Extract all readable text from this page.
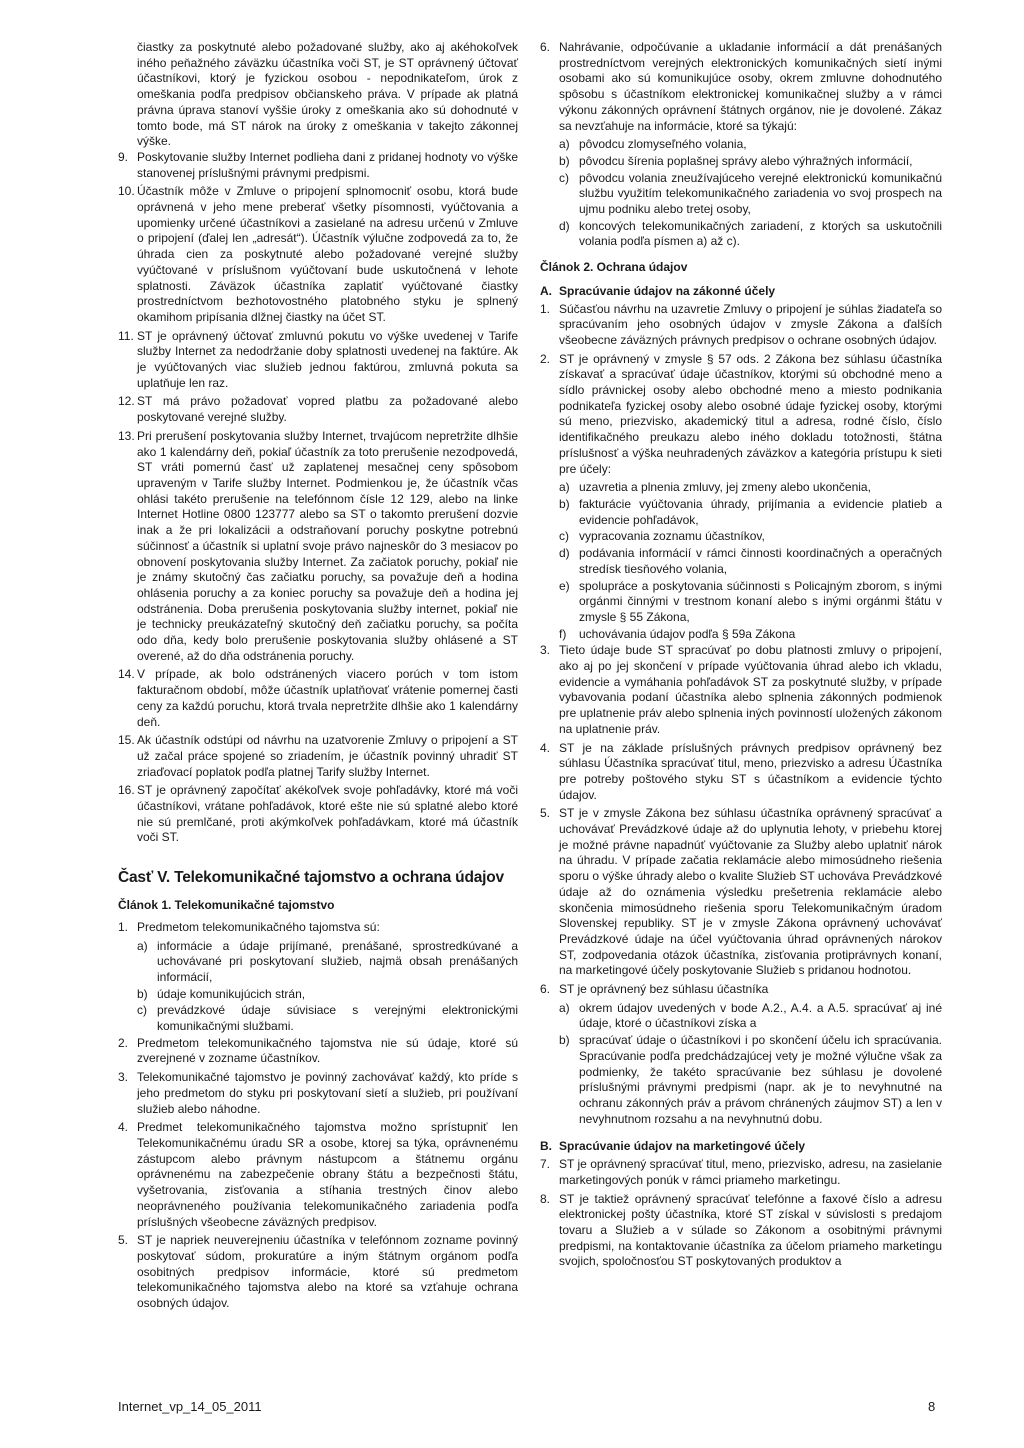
čiastky za poskytnuté alebo požadované služby, ako aj akéhokoľvek iného peňažného záväzku účastníka voči ST, je ST oprávnený účtovať účastníkovi, ktorý je fyzickou osobou - nepodnikateľom, úrok z omeškania podľa predpisov občianskeho práva. V prípade ak platná právna úprava stanoví vyššie úroky z omeškania ako sú dohodnuté v tomto bode, má ST nárok na úroky z omeškania v takejto zákonnej výške.

9. Poskytovanie služby Internet podlieha dani z pridanej hodnoty vo výške stanovenej príslušnými právnymi predpismi.
10. Účastník môže v Zmluve o pripojení splnomocniť osobu, ktorá bude oprávnená v jeho mene preberať všetky písomnosti, vyúčtovania a upomienky určené účastníkovi a zasielané na adresu určenú v Zmluve o pripojení (ďalej len „adresát“). Účastník výlučne zodpovedá za to, že úhrada cien za poskytnuté alebo požadované verejné služby vyúčtované v príslušnom vyúčtovaní bude uskutočnená v lehote splatnosti. Záväzok účastníka zaplatiť vyúčtované čiastky prostredníctvom bezhotovostného platobného styku je splnený okamihom pripísania dlžnej čiastky na účet ST.
11. ST je oprávnený účtovať zmluvnú pokutu vo výške uvedenej v Tarife služby Internet za nedodržanie doby splatnosti uvedenej na faktúre. Ak je vyúčtovaných viac služieb jednou faktúrou, zmluvná pokuta sa uplatňuje len raz.
12. ST má právo požadovať vopred platbu za požadované alebo poskytované verejné služby.
13. Pri prerušení poskytovania služby Internet, trvajúcom nepretržite dlhšie ako 1 kalendárny deň, pokiaľ účastník za toto prerušenie nezodpovedá, ST vráti pomernú časť už zaplatenej mesačnej ceny spôsobom upraveným v Tarife služby Internet. Podmienkou je, že účastník včas ohlási takéto prerušenie na telefónnom čísle 12 129, alebo na linke Internet Hotline 0800 123777 alebo sa ST o takomto prerušení dozvie inak a že pri lokalizácii a odstraňovaní poruchy poskytne potrebnú súčinnosť a účastník si uplatní svoje právo najneskôr do 3 mesiacov po obnovení poskytovania služby Internet. Za začiatok poruchy, pokiaľ nie je známy skutočný čas začiatku poruchy, sa považuje deň a hodina ohlásenia poruchy a za koniec poruchy sa považuje deň a hodina jej odstránenia. Doba prerušenia poskytovania služby internet, pokiaľ nie je technicky preukázateľný skutočný deň začiatku poruchy, sa počíta odo dňa, kedy bolo prerušenie poskytovania služby ohlásené a ST overené, až do dňa odstránenia poruchy.
14. V prípade, ak bolo odstránených viacero porúch v tom istom fakturačnom období, môže účastník uplatňovať vrátenie pomernej časti ceny za každú poruchu, ktorá trvala nepretržite dlhšie ako 1 kalendárny deň.
15. Ak účastník odstúpi od návrhu na uzatvorenie Zmluvy o pripojení a ST už začal práce spojené so zriadením, je účastník povinný uhradiť ST zriaďovací poplatok podľa platnej Tarify služby Internet.
16. ST je oprávnený započítať akékoľvek svoje pohľadávky, ktoré má voči účastníkovi, vrátane pohľadávok, ktoré ešte nie sú splatné alebo ktoré nie sú premlčané, proti akýmkoľvek pohľadávkam, ktoré má účastník voči ST.
Časť V. Telekomunikačné tajomstvo a ochrana údajov
Článok 1. Telekomunikačné tajomstvo
1. Predmetom telekomunikačného tajomstva sú:
a) informácie a údaje prijímané, prenášané, sprostredkúvané a uchovávané pri poskytovaní služieb, najmä obsah prenášaných informácií,
b) údaje komunikujúcich strán,
c) prevádzkové údaje súvisiace s verejnými elektronickými komunikačnými službami.
2. Predmetom telekomunikačného tajomstva nie sú údaje, ktoré sú zverejnené v zozname účastníkov.
3. Telekomunikačné tajomstvo je povinný zachovávať každý, kto príde s jeho predmetom do styku pri poskytovaní sietí a služieb, pri používaní služieb alebo náhodne.
4. Predmet telekomunikačného tajomstva možno sprístupniť len Telekomunikačnému úradu SR a osobe, ktorej sa týka, oprávnenému zástupcom alebo právnym nástupcom a štátnemu orgánu oprávnenému na zabezpečenie obrany štátu a bezpečnosti štátu, vyšetrovania, zisťovania a stíhania trestných činov alebo neoprávneného používania telekomunikačného zariadenia podľa príslušných všeobecne záväzných predpisov.
5. ST je napriek neuverejneniu účastníka v telefónnom zozname povinný poskytovať súdom, prokuratúre a iným štátnym orgánom podľa osobitných predpisov informácie, ktoré sú predmetom telekomunikačného tajomstva alebo na ktoré sa vzťahuje ochrana osobných údajov.
6. Nahrávanie, odpočúvanie a ukladanie informácií a dát prenášaných prostredníctvom verejných elektronických komunikačných sietí inými osobami ako sú komunikujúce osoby, okrem zmluvne dohodnutého spôsobu s účastníkom elektronickej komunikačnej služby a v rámci výkonu zákonných oprávnení štátnych orgánov, nie je dovolené. Zákaz sa nevzťahuje na informácie, ktoré sa týkajú:
a) pôvodcu zlomyseľného volania,
b) pôvodcu šírenia poplašnej správy alebo výhražných informácií,
c) pôvodcu volania zneužívajúceho verejné elektronickú komunikačnú službu využitím telekomunikačného zariadenia vo svoj prospech na ujmu podniku alebo tretej osoby,
d) koncových telekomunikačných zariadení, z ktorých sa uskutočnili volania podľa písmen a) až c).
Článok 2. Ochrana údajov
A. Spracúvanie údajov na zákonné účely
1. Súčasťou návrhu na uzavretie Zmluvy o pripojení je súhlas žiadateľa so spracúvaním jeho osobných údajov v zmysle Zákona a ďalších všeobecne záväzných právnych predpisov o ochrane osobných údajov.
2. ST je oprávnený v zmysle § 57 ods. 2 Zákona bez súhlasu účastníka získavať a spracúvať údaje účastníkov, ktorými sú obchodné meno a sídlo právnickej osoby alebo obchodné meno a miesto podnikania podnikateľa fyzickej osoby alebo osobné údaje fyzickej osoby, ktorými sú meno, priezvisko, akademický titul a adresa, rodné číslo, číslo identifikačného preukazu alebo iného dokladu totožnosti, štátna príslušnosť a výška neuhradených záväzkov a kategória prístupu k sieti pre účely:
a) uzavretia a plnenia zmluvy, jej zmeny alebo ukončenia,
b) fakturácie vyúčtovania úhrady, prijímania a evidencie platieb a evidencie pohľadávok,
c) vypracovania zoznamu účastníkov,
d) podávania informácií v rámci činnosti koordinačných a operačných stredísk tiesňového volania,
e) spolupráce a poskytovania súčinnosti s Policajným zborom, s inými orgánmi činnými v trestnom konaní alebo s inými orgánmi štátu v zmysle § 55 Zákona,
f)	uchovávania údajov podľa § 59a Zákona
3. Tieto údaje bude ST spracúvať po dobu platnosti zmluvy o pripojení, ako aj po jej skončení v prípade vyúčtovania úhrad alebo ich vkladu, evidencie a vymáhania pohľadávok ST za poskytnuté služby, v prípade vybavovania podaní účastníka alebo splnenia zákonných podmienok pre uplatnenie práv alebo splnenia iných povinností uložených zákonom na uplatnenie práv.
4. ST je na základe príslušných právnych predpisov oprávnený bez súhlasu Účastníka spracúvať titul, meno, priezvisko a adresu Účastníka pre potreby poštového styku ST s účastníkom a evidencie týchto údajov.
5. ST je v zmysle Zákona bez súhlasu účastníka oprávnený spracúvať a uchovávať Prevádzkové údaje až do uplynutia lehoty, v priebehu ktorej je možné právne napadnúť vyúčtovanie za Služby alebo uplatniť nárok na úhradu. V prípade začatia reklamácie alebo mimosúdneho riešenia sporu o výške úhrady alebo o kvalite Služieb ST uchováva Prevádzkové údaje až do oznámenia výsledku prešetrenia reklamácie alebo skončenia mimosúdneho riešenia sporu Telekomunikačným úradom Slovenskej republiky. ST je v zmysle Zákona oprávnený uchovávať Prevádzkové údaje na účel vyúčtovania úhrad oprávnených nárokov ST, zodpovedania otázok účastníka, zisťovania protiprávnych konaní, na marketingové účely poskytovanie Služieb s pridanou hodnotou.
6. ST je oprávnený bez súhlasu účastníka
a) okrem údajov uvedených v bode A.2., A.4. a A.5. spracúvať aj iné údaje, ktoré o účastníkovi získa a
b) spracúvať údaje o účastníkovi i po skončení účelu ich spracúvania. Spracúvanie podľa predchádzajúcej vety je možné výlučne však za podmienky, že takéto spracúvanie bez súhlasu je dovolené príslušnými právnymi predpismi (napr. ak je to nevyhnutné na ochranu zákonných práv a právom chránených záujmov ST) a len v nevyhnutnom rozsahu a na nevyhnutnú dobu.
B. Spracúvanie údajov na marketingové účely
7. ST je oprávnený spracúvať titul, meno, priezvisko, adresu, na zasielanie marketingových ponúk v rámci priameho marketingu.
8. ST je taktiež oprávnený spracúvať telefónne a faxové číslo a adresu elektronickej pošty účastníka, ktoré ST získal v súvislosti s predajom tovaru a Služieb a v súlade so Zákonom a osobitnými právnymi predpismi, na kontaktovanie účastníka za účelom priameho marketingu svojich, spoločnosťou ST poskytovaných produktov a
Internet_vp_14_05_2011	8
